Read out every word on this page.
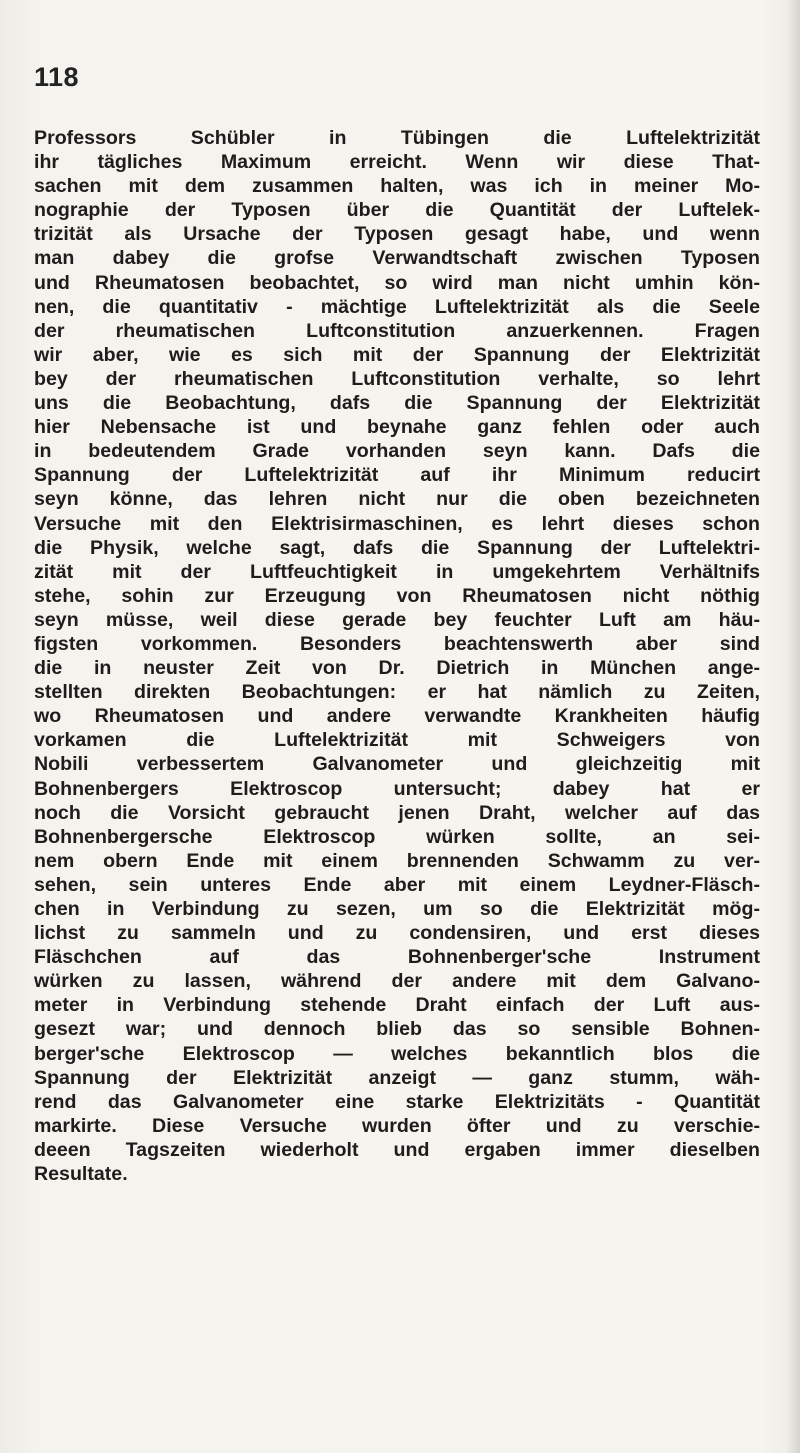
118
Professors Schübler in Tübingen die Luftelektrizität
ihr tägliches Maximum erreicht. Wenn wir diese That-
sachen mit dem zusammen halten, was ich in meiner Mo-
nographie der Typosen über die Quantität der Luftelek-
trizität als Ursache der Typosen gesagt habe, und wenn
man dabey die grofse Verwandtschaft zwischen Typosen
und Rheumatosen beobachtet, so wird man nicht umhin kön-
nen, die quantitativ - mächtige Luftelektrizität als die Seele
der rheumatischen Luftconstitution anzuerkennen. Fragen
wir aber, wie es sich mit der Spannung der Elektrizität
bey der rheumatischen Luftconstitution verhalte, so lehrt
uns die Beobachtung, dafs die Spannung der Elektrizität
hier Nebensache ist und beynahe ganz fehlen oder auch
in bedeutendem Grade vorhanden seyn kann. Dafs die
Spannung der Luftelektrizität auf ihr Minimum reducirt
seyn könne, das lehren nicht nur die oben bezeichneten
Versuche mit den Elektrisirmaschinen, es lehrt dieses schon
die Physik, welche sagt, dafs die Spannung der Luftelektri-
zität mit der Luftfeuchtigkeit in umgekehrtem Verhältnifs
stehe, sohin zur Erzeugung von Rheumatosen nicht nöthig
seyn müsse, weil diese gerade bey feuchter Luft am häu-
figsten vorkommen. Besonders beachtenswerth aber sind
die in neuster Zeit von Dr. Dietrich in München ange-
stellten direkten Beobachtungen: er hat nämlich zu Zeiten,
wo Rheumatosen und andere verwandte Krankheiten häufig
vorkamen die Luftelektrizität mit Schweigers von
Nobili verbessertem Galvanometer und gleichzeitig mit
Bohnenbergers Elektroscop untersucht; dabey hat er
noch die Vorsicht gebraucht jenen Draht, welcher auf das
Bohnenbergersche Elektroscop würken sollte, an sei-
nem obern Ende mit einem brennenden Schwamm zu ver-
sehen, sein unteres Ende aber mit einem Leydner-Fläsch-
chen in Verbindung zu sezen, um so die Elektrizität mög-
lichst zu sammeln und zu condensiren, und erst dieses
Fläschchen auf das Bohnenberger'sche Instrument
würken zu lassen, während der andere mit dem Galvano-
meter in Verbindung stehende Draht einfach der Luft aus-
gesezt war; und dennoch blieb das so sensible Bohnen-
berger'sche Elektroscop — welches bekanntlich blos die
Spannung der Elektrizität anzeigt — ganz stumm, wäh-
rend das Galvanometer eine starke Elektrizitäts - Quantität
markirte. Diese Versuche wurden öfter und zu verschie-
deeen Tagszeiten wiederholt und ergaben immer dieselben
Resultate.
